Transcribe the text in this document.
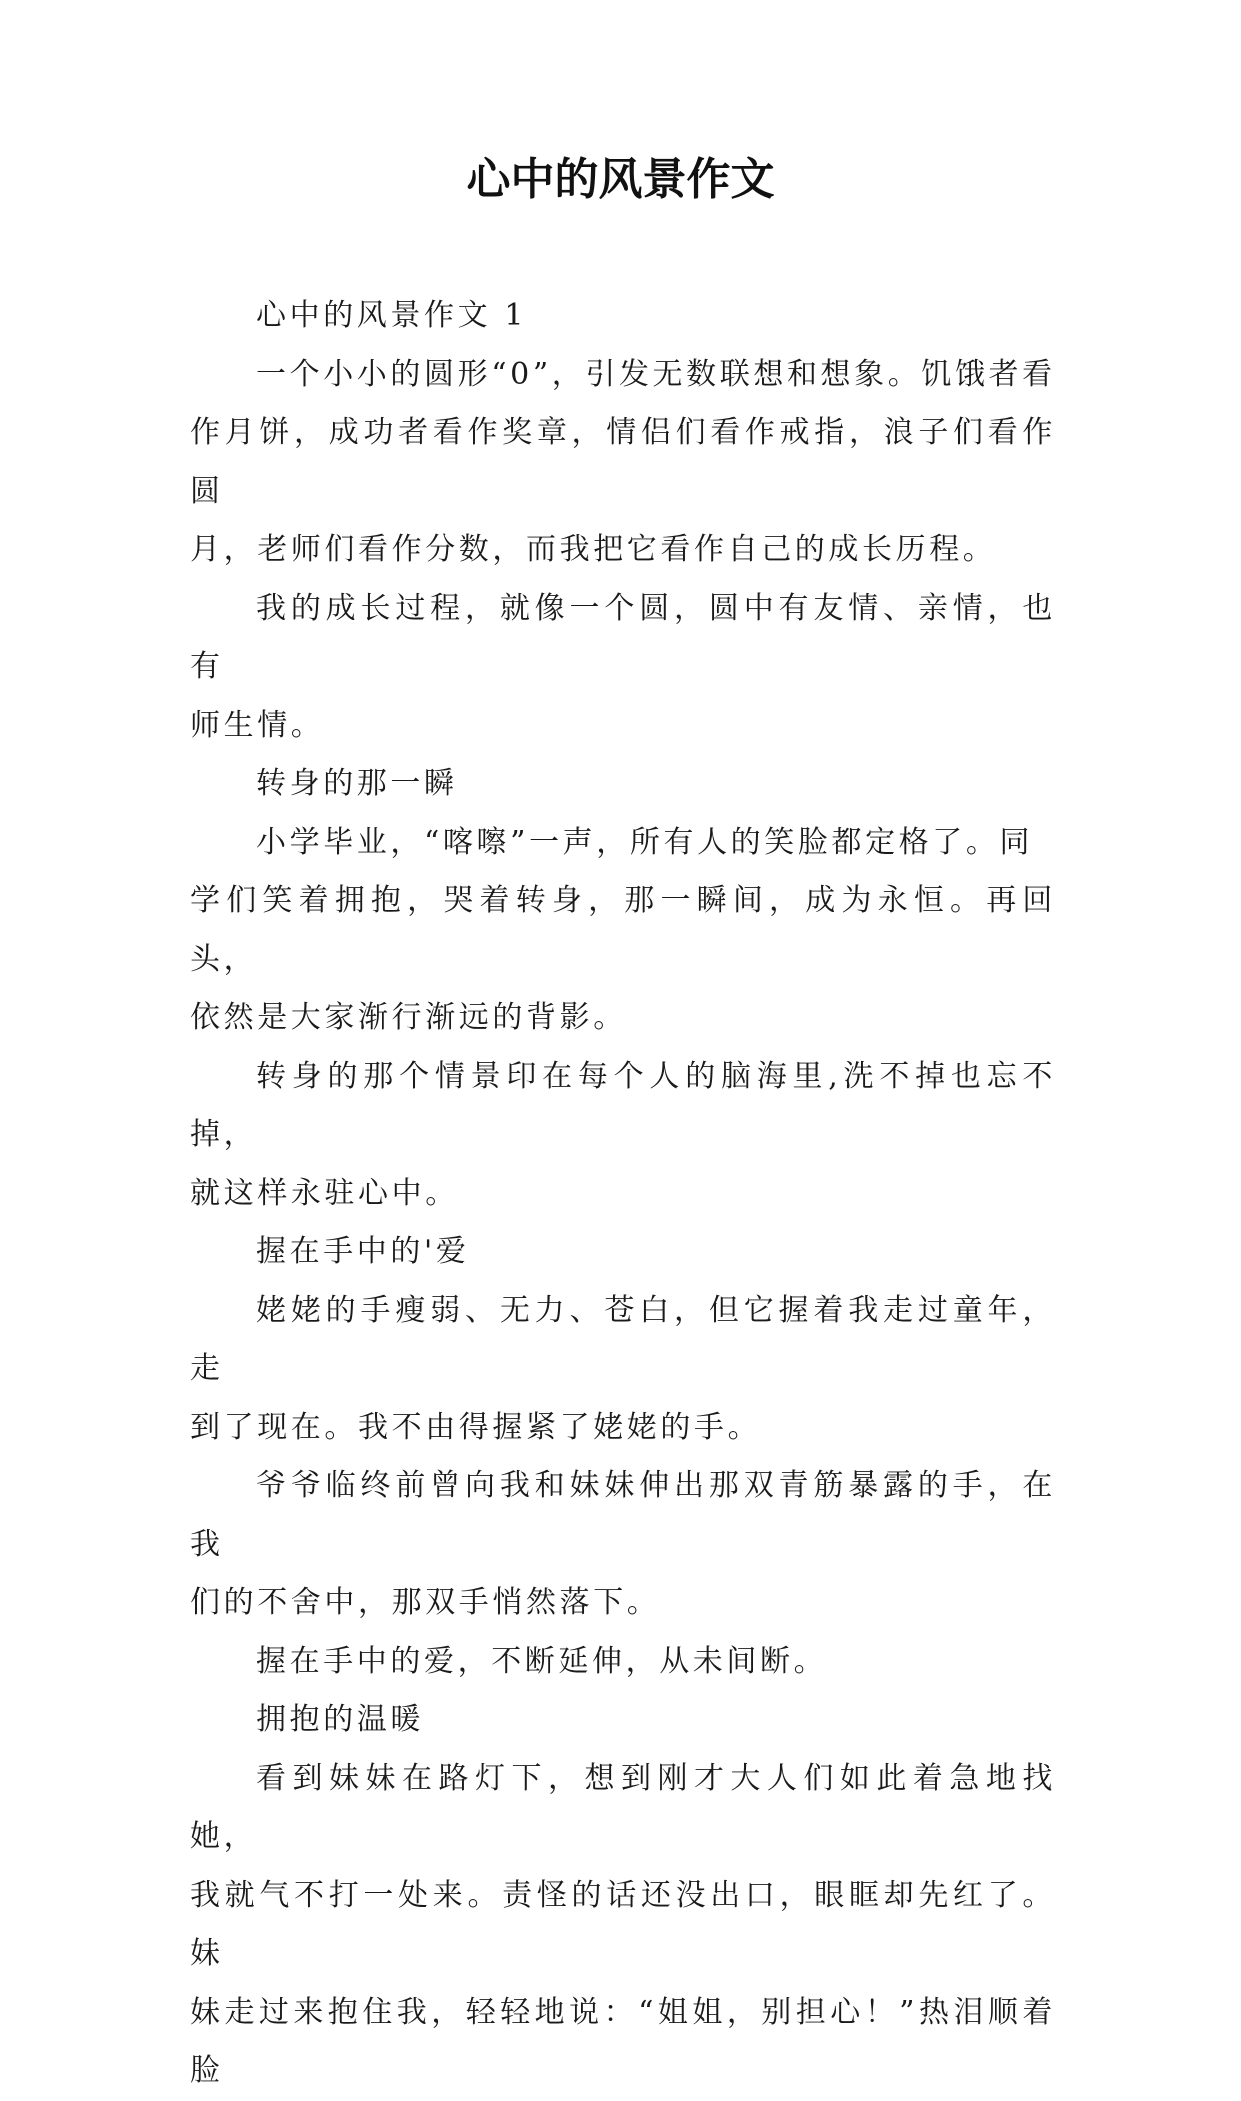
心中的风景作文

心中的风景作文 1

一个小小的圆形“0”，引发无数联想和想象。饥饿者看
作月饼，成功者看作奖章，情侣们看作戒指，浪子们看作圆
月，老师们看作分数，而我把它看作自己的成长历程。

我的成长过程，就像一个圆，圆中有友情、亲情，也有
师生情。

转身的那一瞬

小学毕业，“喀嚓”一声，所有人的笑脸都定格了。同
学们笑着拥抱，哭着转身，那一瞬间，成为永恒。再回头，
依然是大家渐行渐远的背影。

转身的那个情景印在每个人的脑海里,洗不掉也忘不掉，
就这样永驻心中。

握在手中的'爱

姥姥的手瘦弱、无力、苍白，但它握着我走过童年，走
到了现在。我不由得握紧了姥姥的手。

爷爷临终前曾向我和妹妹伸出那双青筋暴露的手，在我
们的不舍中，那双手悄然落下。

握在手中的爱，不断延伸，从未间断。

拥抱的温暖

看到妹妹在路灯下，想到刚才大人们如此着急地找她，
我就气不打一处来。责怪的话还没出口，眼眶却先红了。妹
妹走过来抱住我，轻轻地说：“姐姐，别担心！”热泪顺着脸
